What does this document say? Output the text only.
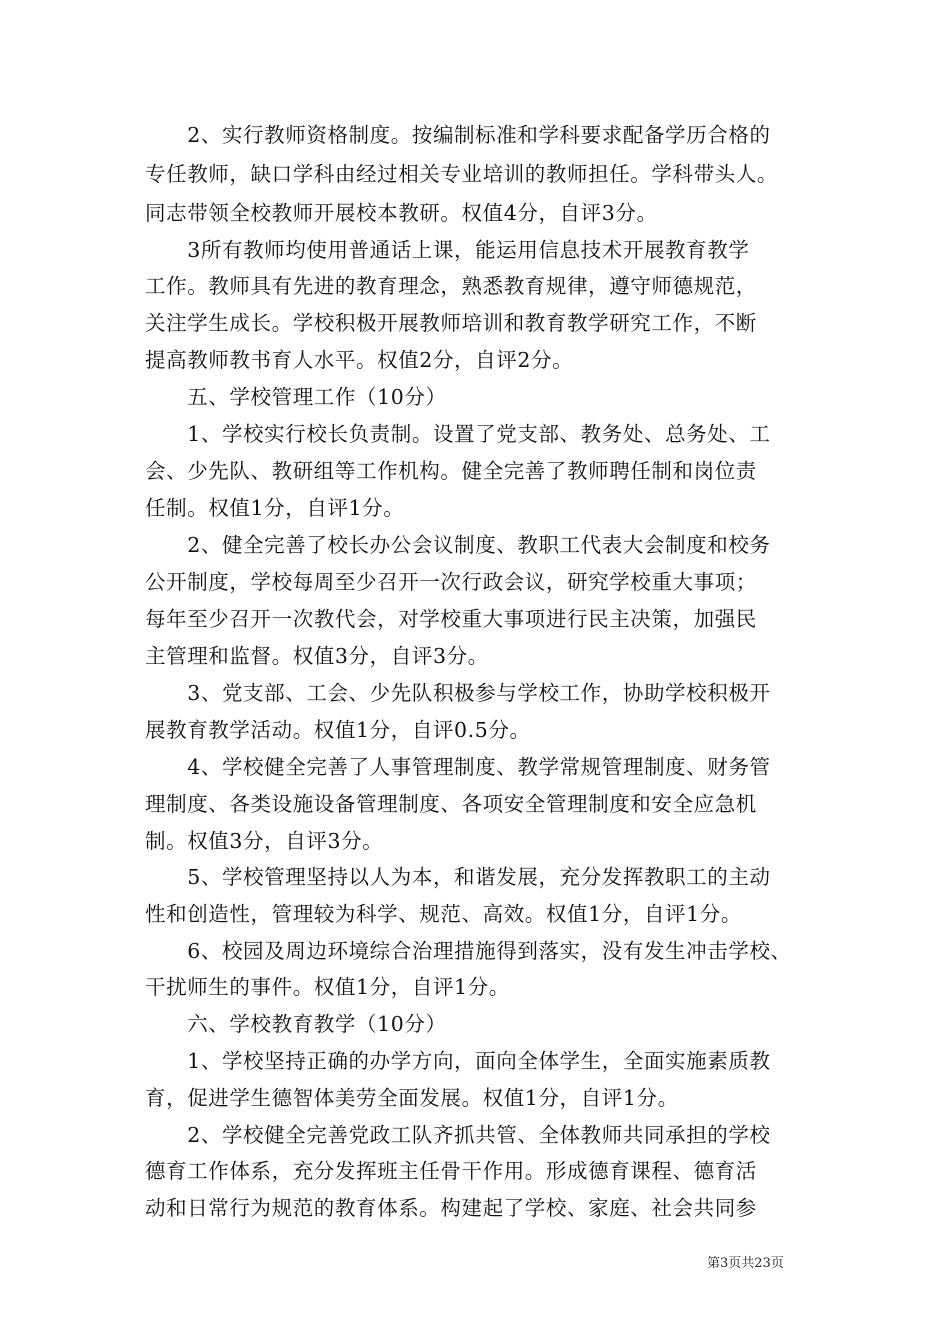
　　2、实行教师资格制度。按编制标准和学科要求配备学历合格的
专任教师，缺口学科由经过相关专业培训的教师担任。学科带头人。
同志带领全校教师开展校本教研。权值4分，自评3分。
　　3所有教师均使用普通话上课，能运用信息技术开展教育教学
工作。教师具有先进的教育理念，熟悉教育规律，遵守师德规范，
关注学生成长。学校积极开展教师培训和教育教学研究工作，不断
提高教师教书育人水平。权值2分，自评2分。
　　五、学校管理工作（10分）
　　1、学校实行校长负责制。设置了党支部、教务处、总务处、工
会、少先队、教研组等工作机构。健全完善了教师聘任制和岗位责
任制。权值1分，自评1分。
　　2、健全完善了校长办公会议制度、教职工代表大会制度和校务
公开制度，学校每周至少召开一次行政会议，研究学校重大事项；
每年至少召开一次教代会，对学校重大事项进行民主决策，加强民
主管理和监督。权值3分，自评3分。
　　3、党支部、工会、少先队积极参与学校工作，协助学校积极开
展教育教学活动。权值1分，自评0.5分。
　　4、学校健全完善了人事管理制度、教学常规管理制度、财务管
理制度、各类设施设备管理制度、各项安全管理制度和安全应急机
制。权值3分，自评3分。
　　5、学校管理坚持以人为本，和谐发展，充分发挥教职工的主动
性和创造性，管理较为科学、规范、高效。权值1分，自评1分。
　　6、校园及周边环境综合治理措施得到落实，没有发生冲击学校、
干扰师生的事件。权值1分，自评1分。
　　六、学校教育教学（10分）
　　1、学校坚持正确的办学方向，面向全体学生，全面实施素质教
育，促进学生德智体美劳全面发展。权值1分，自评1分。
　　2、学校健全完善党政工队齐抓共管、全体教师共同承担的学校
德育工作体系，充分发挥班主任骨干作用。形成德育课程、德育活
动和日常行为规范的教育体系。构建起了学校、家庭、社会共同参
第3页共23页
